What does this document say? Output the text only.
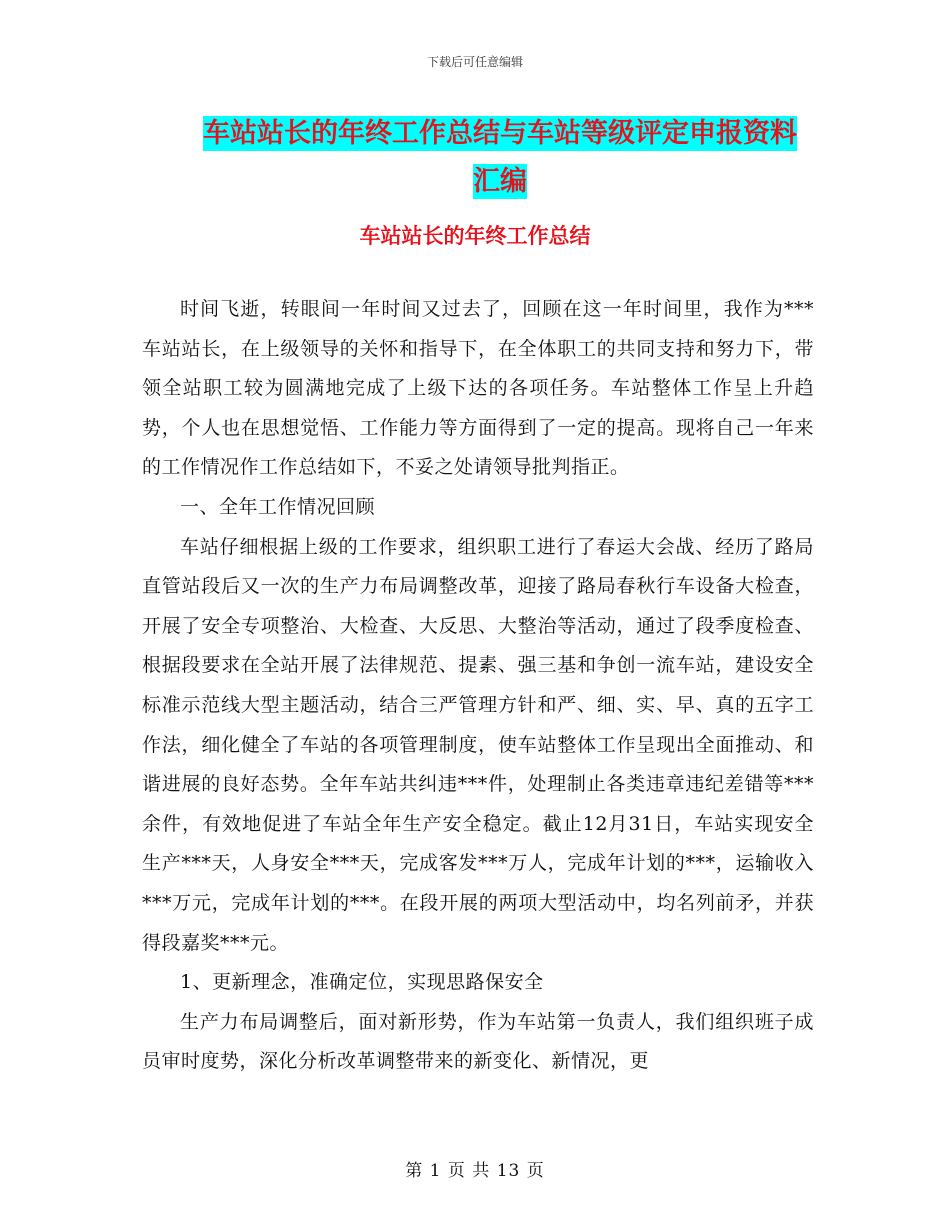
下载后可任意编辑
车站站长的年终工作总结与车站等级评定申报资料汇编
车站站长的年终工作总结

时间飞逝，转眼间一年时间又过去了，回顾在这一年时间里，我作为***车站站长，在上级领导的关怀和指导下，在全体职工的共同支持和努力下，带领全站职工较为圆满地完成了上级下达的各项任务。车站整体工作呈上升趋势，个人也在思想觉悟、工作能力等方面得到了一定的提高。现将自己一年来的工作情况作工作总结如下，不妥之处请领导批判指正。

一、全年工作情况回顾

车站仔细根据上级的工作要求，组织职工进行了春运大会战、经历了路局直管站段后又一次的生产力布局调整改革，迎接了路局春秋行车设备大检查，开展了安全专项整治、大检查、大反思、大整治等活动，通过了段季度检查、根据段要求在全站开展了法律规范、提素、强三基和争创一流车站，建设安全标准示范线大型主题活动，结合三严管理方针和严、细、实、早、真的五字工作法，细化健全了车站的各项管理制度，使车站整体工作呈现出全面推动、和谐进展的良好态势。全年车站共纠违***件，处理制止各类违章违纪差错等***余件，有效地促进了车站全年生产安全稳定。截止12月31日，车站实现安全生产***天，人身安全***天，完成客发***万人，完成年计划的***，运输收入***万元，完成年计划的***。在段开展的两项大型活动中，均名列前矛，并获得段嘉奖***元。

1、更新理念，准确定位，实现思路保安全

生产力布局调整后，面对新形势，作为车站第一负责人，我们组织班子成员审时度势，深化分析改革调整带来的新变化、新情况，更

第 1 页 共 13 页
